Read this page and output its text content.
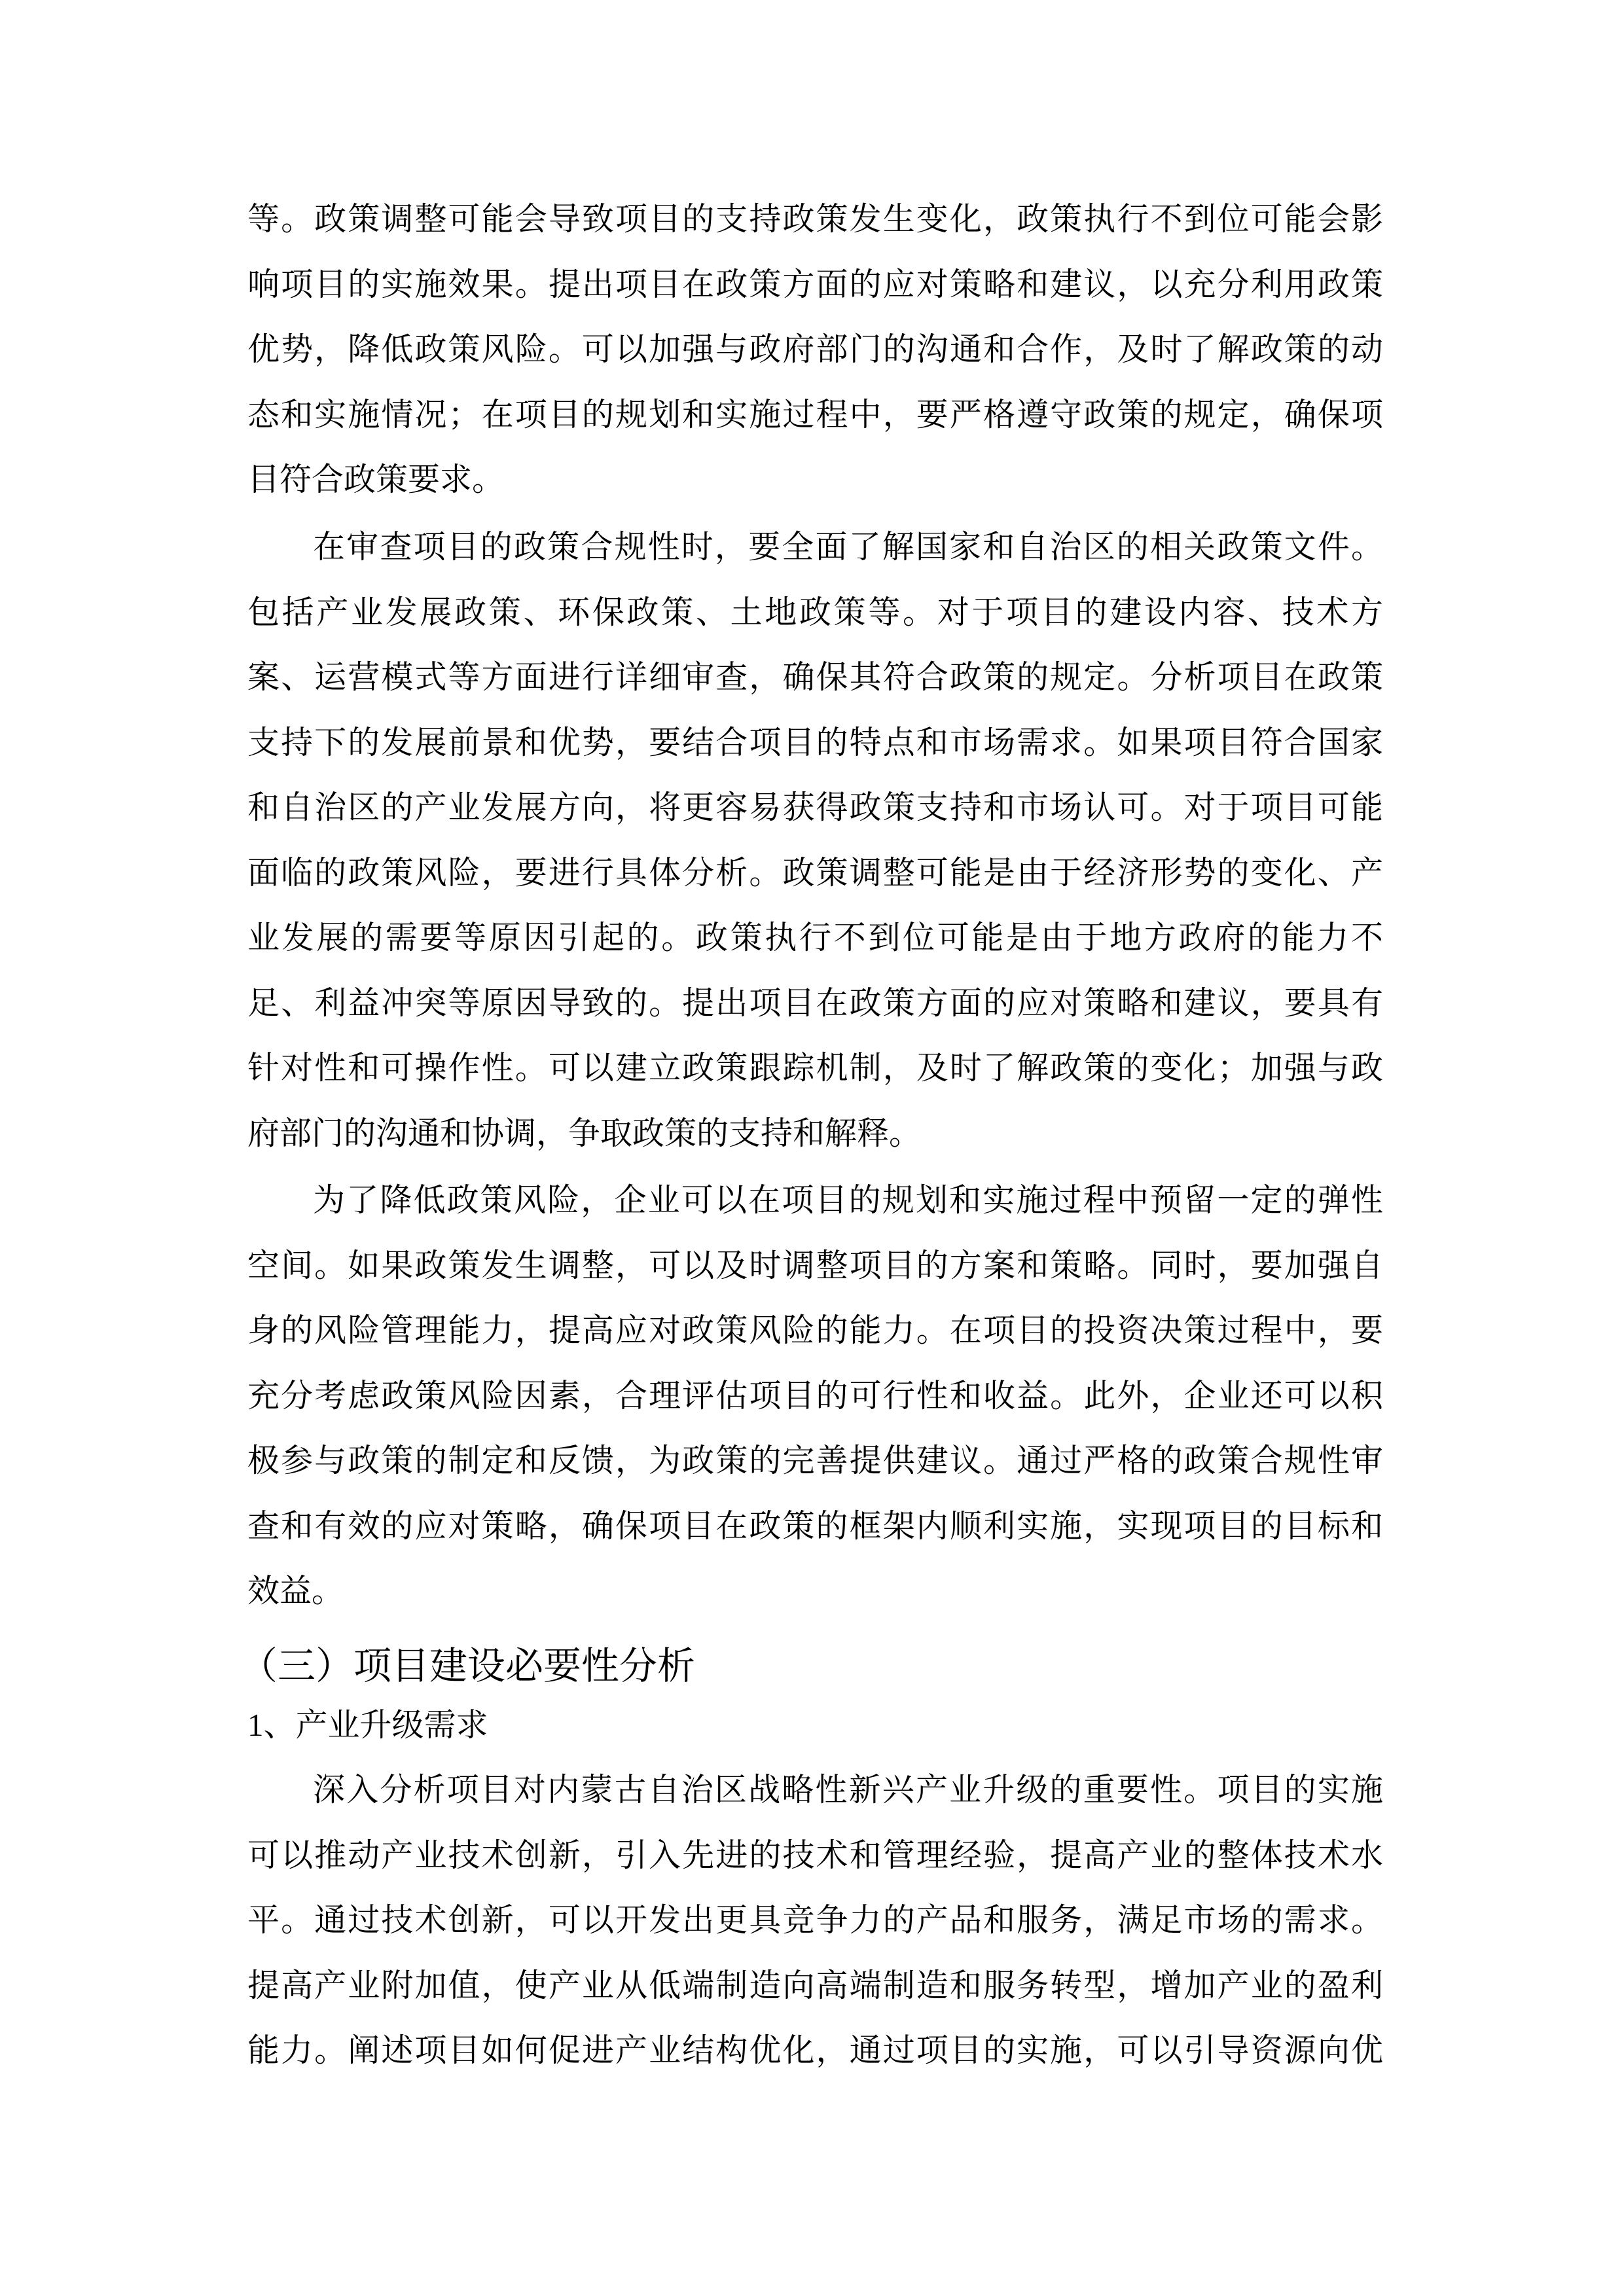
等。政策调整可能会导致项目的支持政策发生变化，政策执行不到位可能会影
响项目的实施效果。提出项目在政策方面的应对策略和建议，以充分利用政策
优势，降低政策风险。可以加强与政府部门的沟通和合作，及时了解政策的动
态和实施情况；在项目的规划和实施过程中，要严格遵守政策的规定，确保项
目符合政策要求。
在审查项目的政策合规性时，要全面了解国家和自治区的相关政策文件。
包括产业发展政策、环保政策、土地政策等。对于项目的建设内容、技术方
案、运营模式等方面进行详细审查，确保其符合政策的规定。分析项目在政策
支持下的发展前景和优势，要结合项目的特点和市场需求。如果项目符合国家
和自治区的产业发展方向，将更容易获得政策支持和市场认可。对于项目可能
面临的政策风险，要进行具体分析。政策调整可能是由于经济形势的变化、产
业发展的需要等原因引起的。政策执行不到位可能是由于地方政府的能力不
足、利益冲突等原因导致的。提出项目在政策方面的应对策略和建议，要具有
针对性和可操作性。可以建立政策跟踪机制，及时了解政策的变化；加强与政
府部门的沟通和协调，争取政策的支持和解释。
为了降低政策风险，企业可以在项目的规划和实施过程中预留一定的弹性
空间。如果政策发生调整，可以及时调整项目的方案和策略。同时，要加强自
身的风险管理能力，提高应对政策风险的能力。在项目的投资决策过程中，要
充分考虑政策风险因素，合理评估项目的可行性和收益。此外，企业还可以积
极参与政策的制定和反馈，为政策的完善提供建议。通过严格的政策合规性审
查和有效的应对策略，确保项目在政策的框架内顺利实施，实现项目的目标和
效益。
（三）项目建设必要性分析
1、产业升级需求
深入分析项目对内蒙古自治区战略性新兴产业升级的重要性。项目的实施
可以推动产业技术创新，引入先进的技术和管理经验，提高产业的整体技术水
平。通过技术创新，可以开发出更具竞争力的产品和服务，满足市场的需求。
提高产业附加值，使产业从低端制造向高端制造和服务转型，增加产业的盈利
能力。阐述项目如何促进产业结构优化，通过项目的实施，可以引导资源向优
